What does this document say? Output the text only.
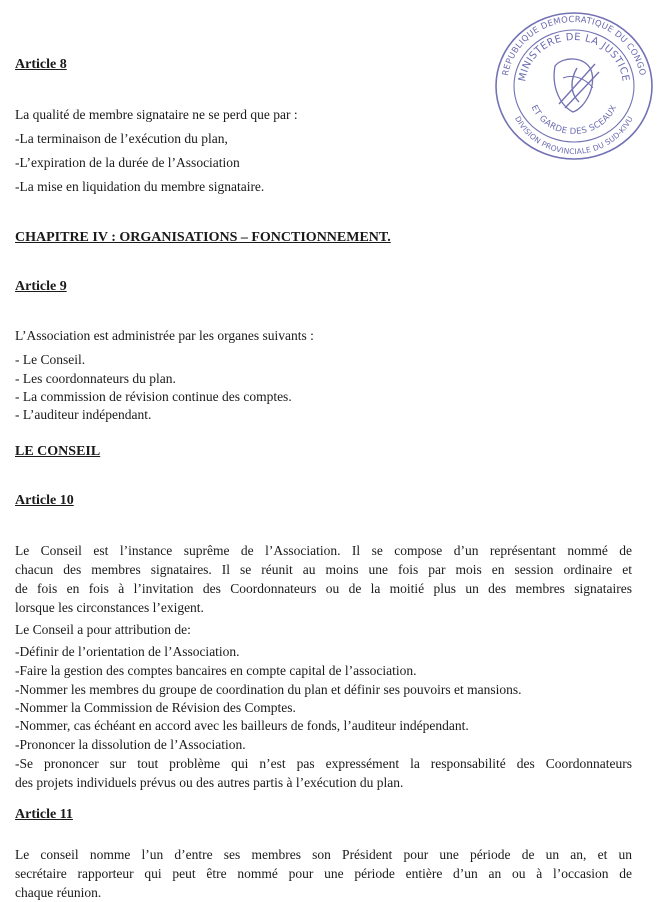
REPUBLIQUE DEMOCRATIQUE DU CONGO
MINISTERE DE LA JUSTICE
ET GARDE DES SCEAUX
DIVISION PROVINCIALE DU SUD-KIVU
Article 8
La qualité de membre signataire ne se perd que par :
-La terminaison de l’exécution du plan,
-L’expiration de la durée de l’Association
-La mise en liquidation du membre signataire.
CHAPITRE IV : ORGANISATIONS – FONCTIONNEMENT.
Article 9
L’Association est administrée par les organes suivants :
- Le Conseil.
- Les coordonnateurs du plan.
- La commission de révision continue des comptes.
- L’auditeur indépendant.
LE CONSEIL
Article 10
Le Conseil est l’instance suprême de l’Association. Il se compose d’un représentant nommé de
chacun des membres signataires. Il se réunit au moins une fois par mois en session ordinaire et
de fois en fois à l’invitation des Coordonnateurs ou de la moitié plus un des membres signataires
lorsque les circonstances l’exigent.
Le Conseil a pour attribution de:
-Définir de l’orientation de l’Association.
-Faire la gestion des comptes bancaires en compte capital de l’association.
-Nommer les membres du groupe de coordination du plan et définir ses pouvoirs et mansions.
-Nommer la Commission de Révision des Comptes.
-Nommer, cas échéant en accord avec les bailleurs de fonds, l’auditeur indépendant.
-Prononcer la dissolution de l’Association.
-Se prononcer sur tout problème qui n’est pas expressément la responsabilité des Coordonnateurs
des projets individuels prévus ou des autres partis à l’exécution du plan.
Article 11
Le conseil nomme l’un d’entre ses membres son Président pour une période de un an, et un
secrétaire rapporteur qui peut être nommé pour une période entière d’un an ou à l’occasion de
chaque réunion.
